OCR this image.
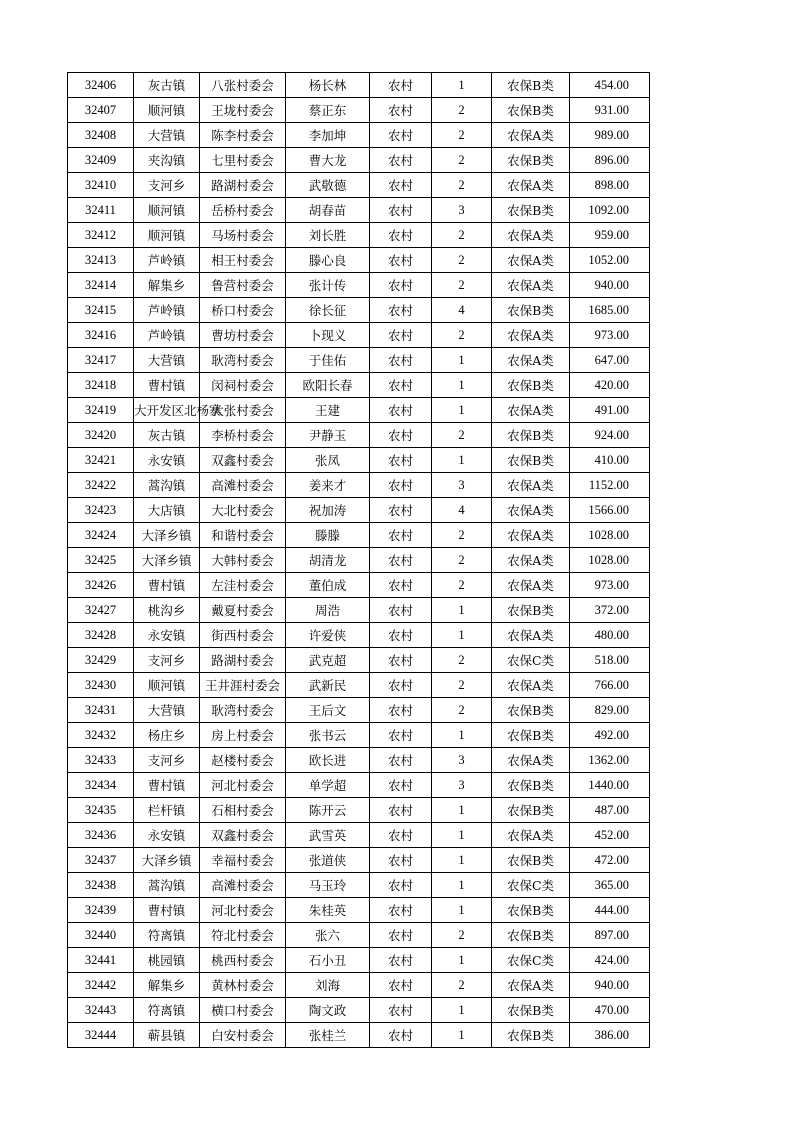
32406	灰古镇	八张村委会	杨长林	农村	1	农保B类	454.00
32407	顺河镇	王垅村委会	蔡正东	农村	2	农保B类	931.00
32408	大营镇	陈李村委会	李加坤	农村	2	农保A类	989.00
32409	夹沟镇	七里村委会	曹大龙	农村	2	农保B类	896.00
32410	支河乡	路湖村委会	武敬德	农村	2	农保A类	898.00
32411	顺河镇	岳桥村委会	胡春苗	农村	3	农保B类	1092.00
32412	顺河镇	马场村委会	刘长胜	农村	2	农保A类	959.00
32413	芦岭镇	相王村委会	滕心良	农村	2	农保A类	1052.00
32414	解集乡	鲁营村委会	张计传	农村	2	农保A类	940.00
32415	芦岭镇	桥口村委会	徐长征	农村	4	农保B类	1685.00
32416	芦岭镇	曹坊村委会	卜现义	农村	2	农保A类	973.00
32417	大营镇	耿湾村委会	于佳佑	农村	1	农保A类	647.00
32418	曹村镇	闵祠村委会	欧阳长春	农村	1	农保B类	420.00
32419	大开发区北杨寨	大张村委会	王建	农村	1	农保A类	491.00
32420	灰古镇	李桥村委会	尹静玉	农村	2	农保B类	924.00
32421	永安镇	双鑫村委会	张凤	农村	1	农保B类	410.00
32422	蒿沟镇	高滩村委会	姜来才	农村	3	农保A类	1152.00
32423	大店镇	大北村委会	祝加涛	农村	4	农保A类	1566.00
32424	大泽乡镇	和谐村委会	滕滕	农村	2	农保A类	1028.00
32425	大泽乡镇	大韩村委会	胡清龙	农村	2	农保A类	1028.00
32426	曹村镇	左洼村委会	董伯成	农村	2	农保A类	973.00
32427	桃沟乡	戴夏村委会	周浩	农村	1	农保B类	372.00
32428	永安镇	街西村委会	许爱侠	农村	1	农保A类	480.00
32429	支河乡	路湖村委会	武克超	农村	2	农保C类	518.00
32430	顺河镇	王井涯村委会	武新民	农村	2	农保A类	766.00
32431	大营镇	耿湾村委会	王后文	农村	2	农保B类	829.00
32432	杨庄乡	房上村委会	张书云	农村	1	农保B类	492.00
32433	支河乡	赵楼村委会	欧长进	农村	3	农保A类	1362.00
32434	曹村镇	河北村委会	单学超	农村	3	农保B类	1440.00
32435	栏杆镇	石相村委会	陈开云	农村	1	农保B类	487.00
32436	永安镇	双鑫村委会	武雪英	农村	1	农保A类	452.00
32437	大泽乡镇	幸福村委会	张道侠	农村	1	农保B类	472.00
32438	蒿沟镇	高滩村委会	马玉玲	农村	1	农保C类	365.00
32439	曹村镇	河北村委会	朱桂英	农村	1	农保B类	444.00
32440	符离镇	符北村委会	张六	农村	2	农保B类	897.00
32441	桃园镇	桃西村委会	石小丑	农村	1	农保C类	424.00
32442	解集乡	黄林村委会	刘海	农村	2	农保A类	940.00
32443	符离镇	横口村委会	陶文政	农村	1	农保B类	470.00
32444	蕲县镇	白安村委会	张桂兰	农村	1	农保B类	386.00
